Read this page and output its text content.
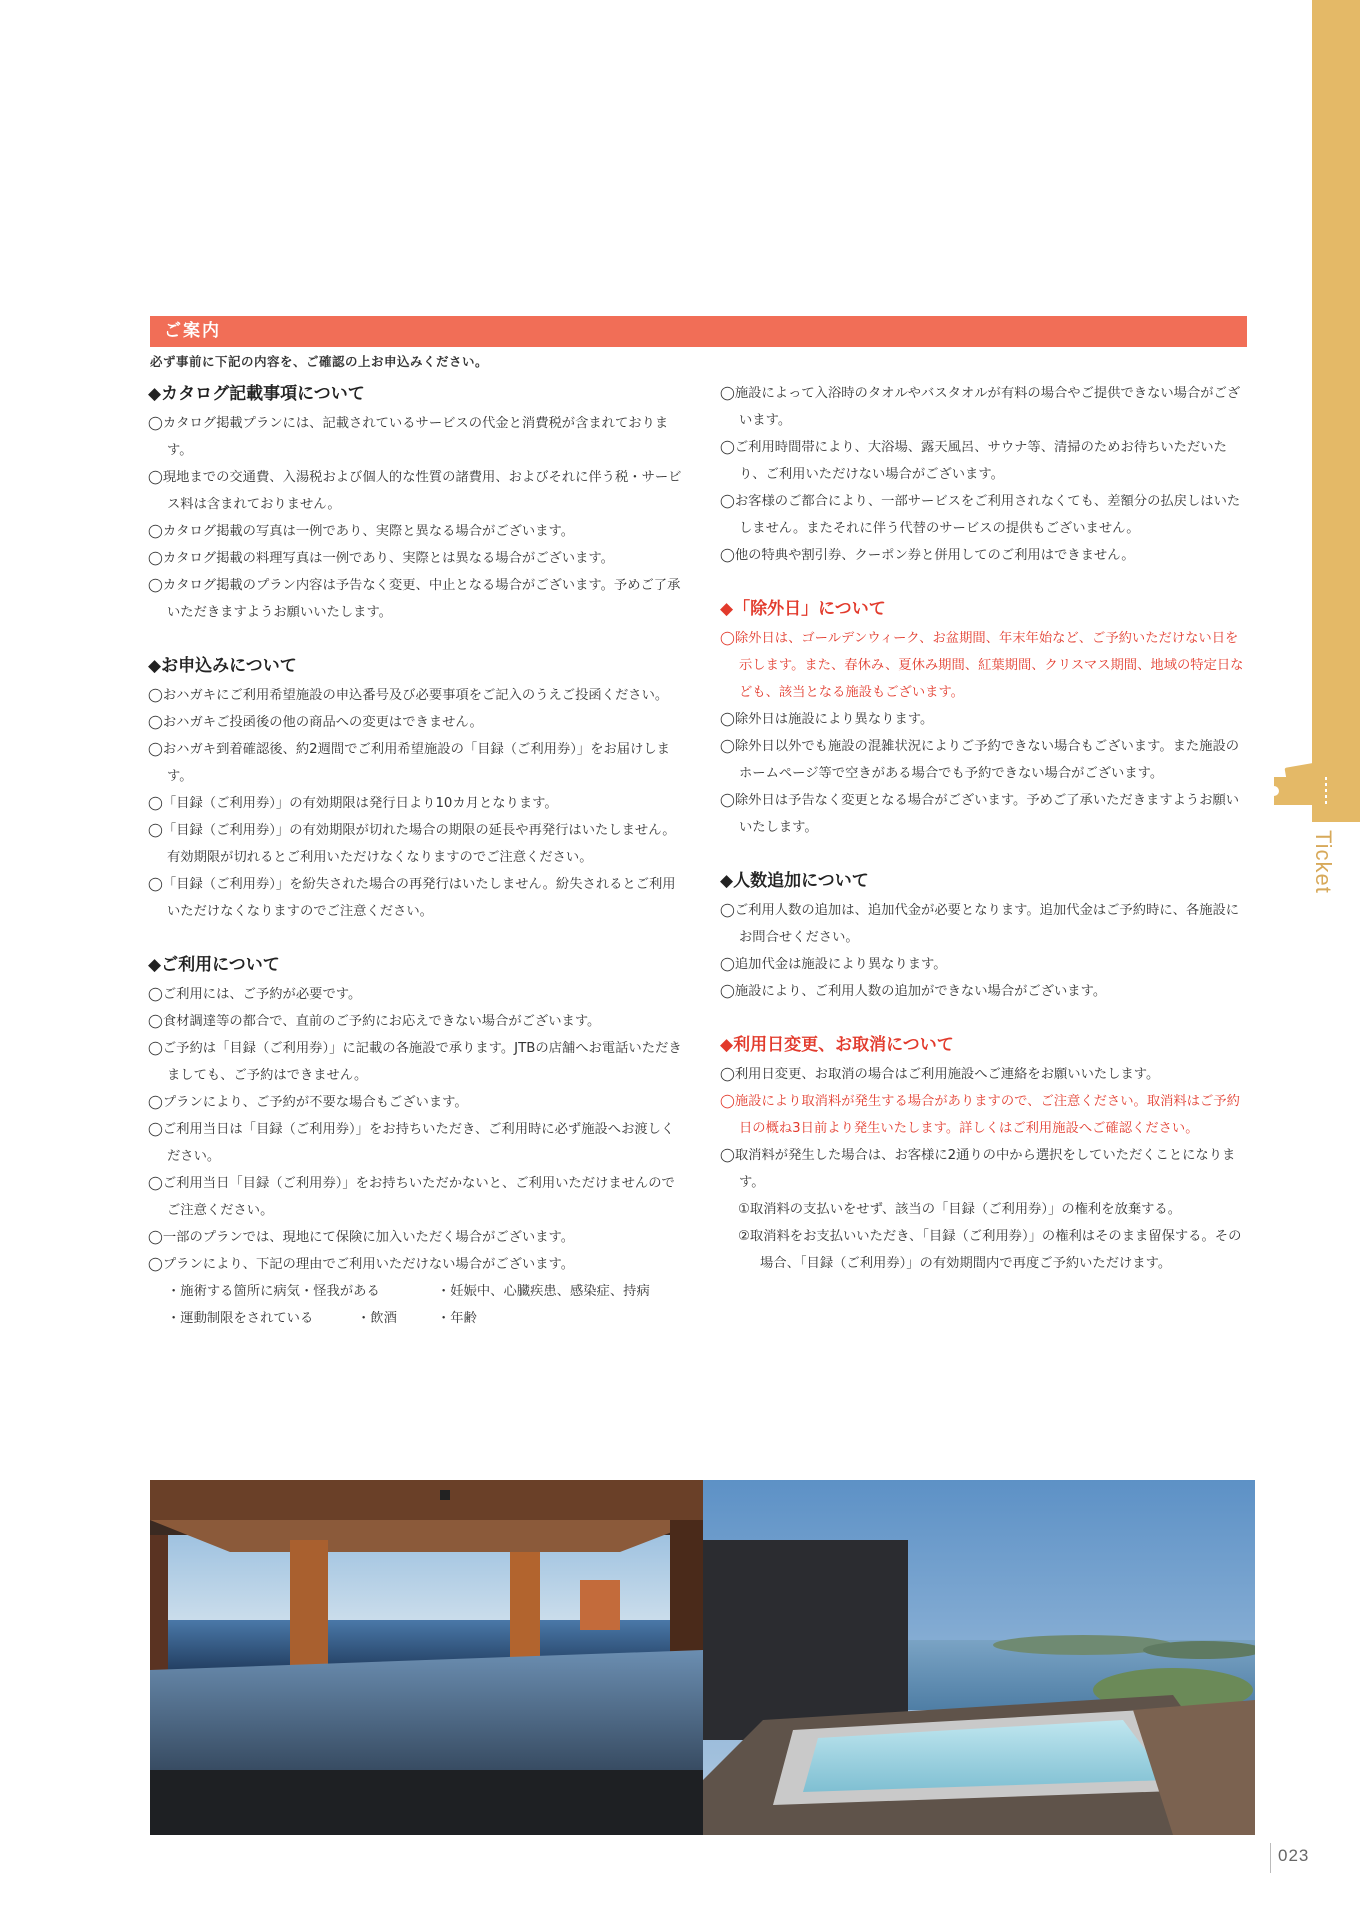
Ticket
ご案内
必ず事前に下記の内容を、ご確認の上お申込みください。
◆カタログ記載事項について
◯カタログ掲載プランには、記載されているサービスの代金と消費税が含まれております。
◯現地までの交通費、入湯税および個人的な性質の諸費用、およびそれに伴う税・サービス料は含まれておりません。
◯カタログ掲載の写真は一例であり、実際と異なる場合がございます。
◯カタログ掲載の料理写真は一例であり、実際とは異なる場合がございます。
◯カタログ掲載のプラン内容は予告なく変更、中止となる場合がございます。予めご了承いただきますようお願いいたします。
◆お申込みについて
◯おハガキにご利用希望施設の申込番号及び必要事項をご記入のうえご投函ください。
◯おハガキご投函後の他の商品への変更はできません。
◯おハガキ到着確認後、約2週間でご利用希望施設の「目録（ご利用券）」をお届けします。
◯「目録（ご利用券）」の有効期限は発行日より10カ月となります。
◯「目録（ご利用券）」の有効期限が切れた場合の期限の延長や再発行はいたしません。有効期限が切れるとご利用いただけなくなりますのでご注意ください。
◯「目録（ご利用券）」を紛失された場合の再発行はいたしません。紛失されるとご利用いただけなくなりますのでご注意ください。
◆ご利用について
◯ご利用には、ご予約が必要です。
◯食材調達等の都合で、直前のご予約にお応えできない場合がございます。
◯ご予約は「目録（ご利用券）」に記載の各施設で承ります。JTBの店舗へお電話いただきましても、ご予約はできません。
◯プランにより、ご予約が不要な場合もございます。
◯ご利用当日は「目録（ご利用券）」をお持ちいただき、ご利用時に必ず施設へお渡しください。
◯ご利用当日「目録（ご利用券）」をお持ちいただかないと、ご利用いただけませんのでご注意ください。
◯一部のプランでは、現地にて保険に加入いただく場合がございます。
◯プランにより、下記の理由でご利用いただけない場合がございます。
・施術する箇所に病気・怪我がある	・妊娠中、心臓疾患、感染症、持病
・運動制限をされている	・飲酒	・年齢
◯施設によって入浴時のタオルやバスタオルが有料の場合やご提供できない場合がございます。
◯ご利用時間帯により、大浴場、露天風呂、サウナ等、清掃のためお待ちいただいたり、ご利用いただけない場合がございます。
◯お客様のご都合により、一部サービスをご利用されなくても、差額分の払戻しはいたしません。またそれに伴う代替のサービスの提供もございません。
◯他の特典や割引券、クーポン券と併用してのご利用はできません。
◆「除外日」について
◯除外日は、ゴールデンウィーク、お盆期間、年末年始など、ご予約いただけない日を示します。また、春休み、夏休み期間、紅葉期間、クリスマス期間、地域の特定日なども、該当となる施設もございます。
◯除外日は施設により異なります。
◯除外日以外でも施設の混雑状況によりご予約できない場合もございます。また施設のホームページ等で空きがある場合でも予約できない場合がございます。
◯除外日は予告なく変更となる場合がございます。予めご了承いただきますようお願いいたします。
◆人数追加について
◯ご利用人数の追加は、追加代金が必要となります。追加代金はご予約時に、各施設にお問合せください。
◯追加代金は施設により異なります。
◯施設により、ご利用人数の追加ができない場合がございます。
◆利用日変更、お取消について
◯利用日変更、お取消の場合はご利用施設へご連絡をお願いいたします。
◯施設により取消料が発生する場合がありますので、ご注意ください。取消料はご予約日の概ね3日前より発生いたします。詳しくはご利用施設へご確認ください。
◯取消料が発生した場合は、お客様に2通りの中から選択をしていただくことになります。
①取消料の支払いをせず、該当の「目録（ご利用券）」の権利を放棄する。
②取消料をお支払いいただき、「目録（ご利用券）」の権利はそのまま留保する。その場合、「目録（ご利用券）」の有効期間内で再度ご予約いただけます。
023
